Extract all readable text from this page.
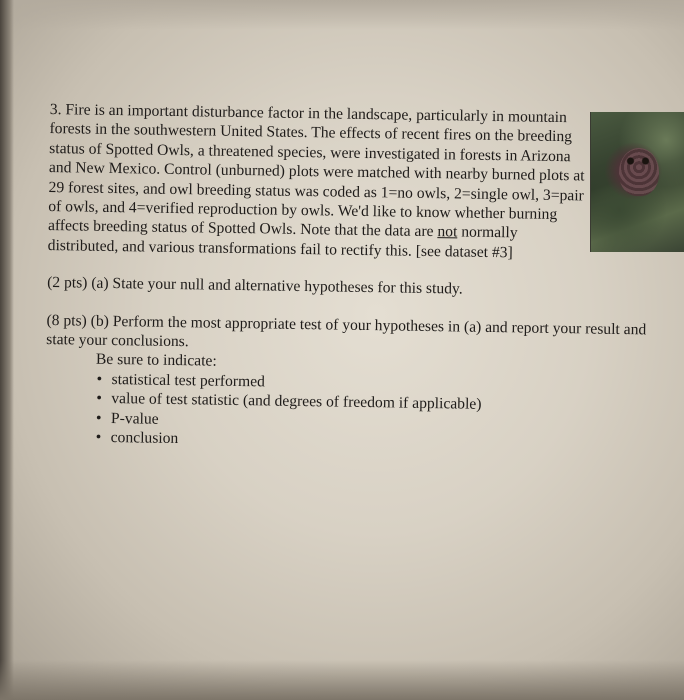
3. Fire is an important disturbance factor in the landscape, particularly in mountain forests in the southwestern United States. The effects of recent fires on the breeding status of Spotted Owls, a threatened species, were investigated in forests in Arizona and New Mexico. Control (unburned) plots were matched with nearby burned plots at 29 forest sites, and owl breeding status was coded as 1=no owls, 2=single owl, 3=pair of owls, and 4=verified reproduction by owls. We'd like to know whether burning affects breeding status of Spotted Owls. Note that the data are not normally distributed, and various transformations fail to rectify this. [see dataset #3]

(2 pts) (a) State your null and alternative hypotheses for this study.

(8 pts) (b) Perform the most appropriate test of your hypotheses in (a) and report your result and state your conclusions.

Be sure to indicate:

• statistical test performed
• value of test statistic (and degrees of freedom if applicable)
• P-value
• conclusion
